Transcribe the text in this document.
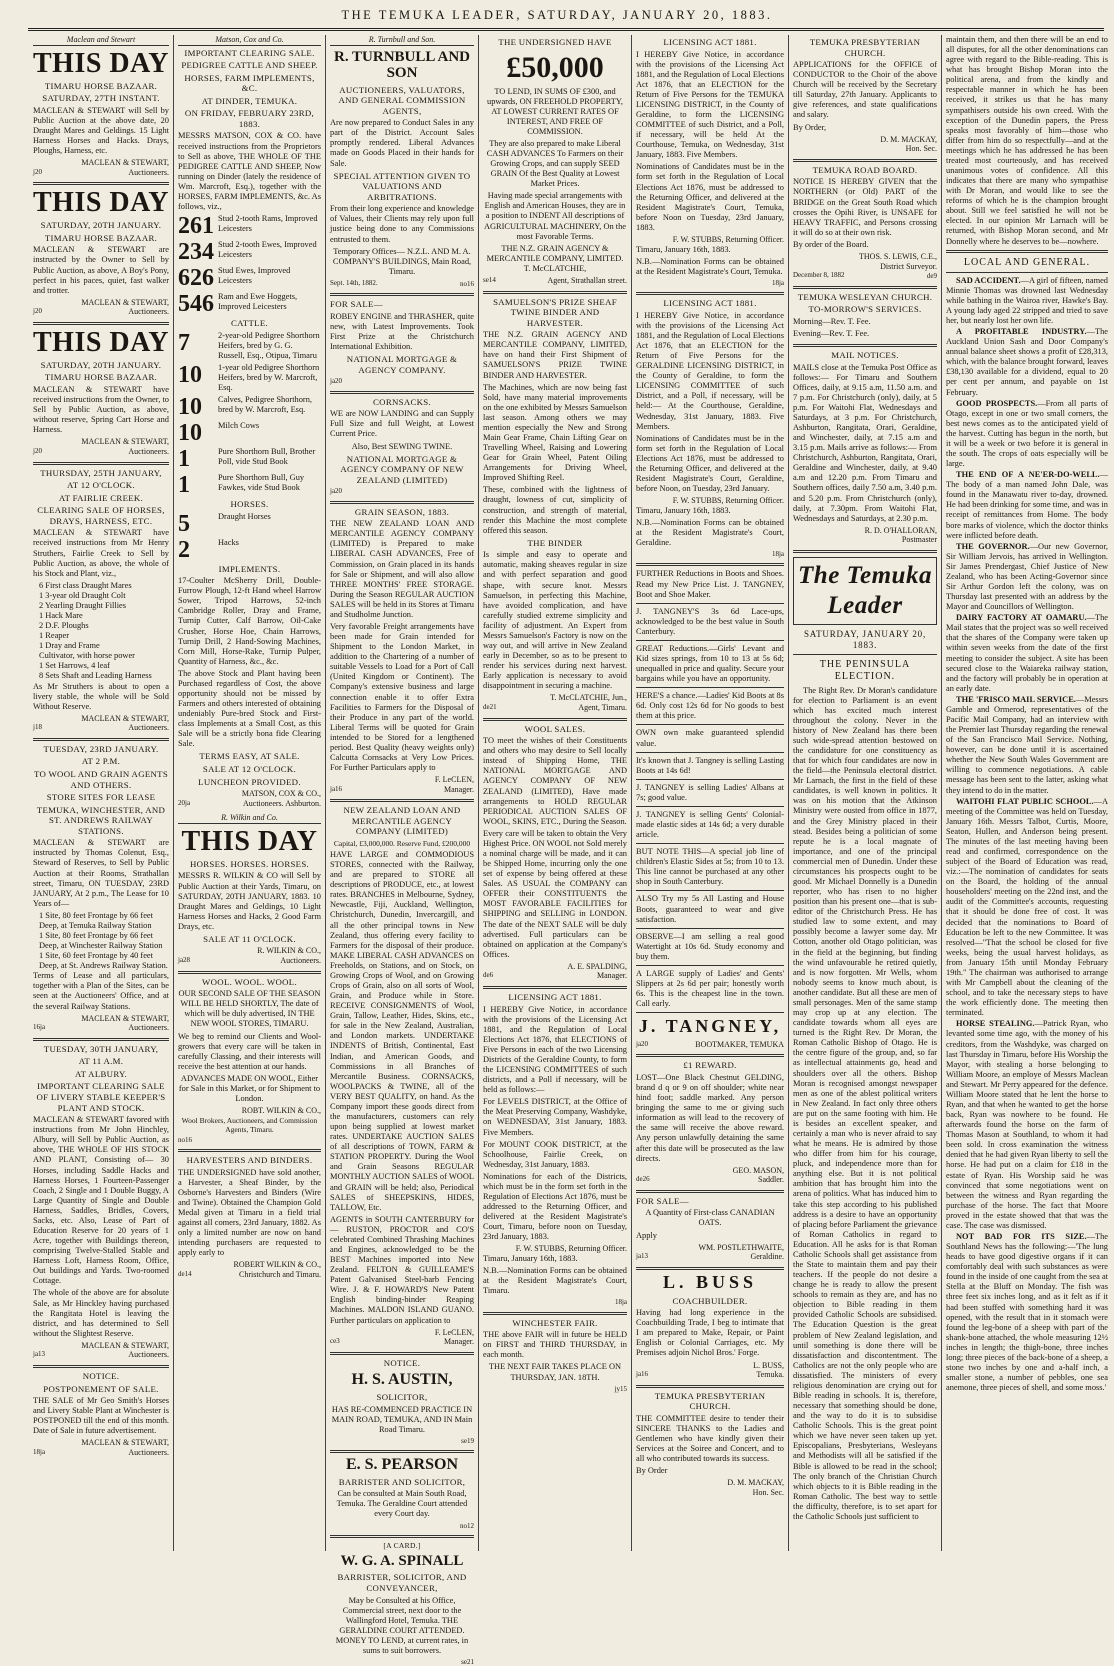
THE TEMUKA LEADER, SATURDAY, JANUARY 20, 1883.
Maclean and Stewart
THIS DAY
TIMARU HORSE BAZAAR.
SATURDAY, 27TH INSTANT.

MACLEAN & STEWART will Sell by Public Auction at the above date, 20 Draught Mares and Geldings. 15 Light Harness Horses and Hacks. Drays, Ploughs, Harness, etc.

MACLEAN & STEWART,
j20	Auctioneers.
THIS DAY
SATURDAY, 20TH JANUARY.
TIMARU HORSE BAZAAR.

MACLEAN & STEWART are instructed by the Owner to Sell by Public Auction, as above, A Boy's Pony, perfect in his paces, quiet, fast walker and trotter.

MACLEAN & STEWART,
j20	Auctioneers.
THIS DAY
SATURDAY, 20TH JANUARY.
TIMARU HORSE BAZAAR.

MACLEAN & STEWART have received instructions from the Owner, to Sell by Public Auction, as above, without reserve, Spring Cart Horse and Harness.

MACLEAN & STEWART,
j20	Auctioneers.
THURSDAY, 25TH JANUARY,
AT 12 O'CLOCK.
AT FAIRLIE CREEK.
CLEARING SALE OF HORSES, DRAYS, HARNESS, ETC.

MACLEAN & STEWART have received instructions from Mr Henry Struthers, Fairlie Creek to Sell by Public Auction, as above, the whole of his Stock and Plant, viz.,

6 First class Draught Mares
1 3-year old Draught Colt
2 Yearling Draught Fillies
1 Hack Mare
2 D.F. Ploughs
1 Reaper
1 Dray and Frame
Cultivator, with horse power
1 Set Harrows, 4 leaf
8 Sets Shaft and Leading Harness

As Mr Struthers is about to open a livery stable, the whole will be Sold Without Reserve.

MACLEAN & STEWART,
j18	Auctioneers.
TUESDAY, 23RD JANUARY.
AT 2 P.M.
TO WOOL AND GRAIN AGENTS AND OTHERS.
STORE SITES FOR LEASE
TEMUKA, WINCHESTER, AND ST. ANDREWS RAILWAY STATIONS.

MACLEAN & STEWART are instructed by Thomas Colenut, Esq., Steward of Reserves, to Sell by Public Auction at their Rooms, Strathallan street, Timaru, ON TUESDAY, 23RD JANUARY, At 2 p.m., The Lease for 10 Years of—

1 Site, 80 feet Frontage by 66 feet Deep, at Temuka Railway Station
1 Site, 80 feet Frontage by 66 feet Deep, at Winchester Railway Station
1 Site, 60 feet Frontage by 40 feet Deep, at St. Andrews Railway Station.

Terms of Lease and all particulars, together with a Plan of the Sites, can be seen at the Auctioneers' Office, and at the several Railway Stations.

MACLEAN & STEWART,
16ja	Auctioneers.
TUESDAY, 30TH JANUARY,
AT 11 A.M.
AT ALBURY.
IMPORTANT CLEARING SALE OF LIVERY STABLE KEEPER'S PLANT AND STOCK.

MACLEAN & STEWART favored with instructions from Mr John Hinchley, Albury, will Sell by Public Auction, as above, THE WHOLE OF HIS STOCK AND PLANT, Consisting of— 30 Horses, including Saddle Hacks and Harness Horses, 1 Fourteen-Passenger Coach, 2 Single and 1 Double Buggy, A Large Quantity of Single and Double Harness, Saddles, Bridles, Covers, Sacks, etc. Also, Lease of Part of Education Reserve for 20 years of 1 Acre, together with Buildings thereon, comprising Twelve-Stalled Stable and Harness Loft, Harness Room, Office, Out buildings and Yards. Two-roomed Cottage.

The whole of the above are for absolute Sale, as Mr Hinckley having purchased the Rangitata Hotel is leaving the district, and has determined to Sell without the Slightest Reserve.

MACLEAN & STEWART,
ja13	Auctioneers.
NOTICE.
POSTPONEMENT OF SALE.

THE SALE of Mr Geo Smith's Horses and Livery Stable Plant at Winchester is POSTPONED till the end of this month. Date of Sale in future advertisement.

MACLEAN & STEWART,
18ja	Auctioneers.
Matson, Cox and Co.
IMPORTANT CLEARING SALE.
PEDIGREE CATTLE AND SHEEP.
HORSES, FARM IMPLEMENTS, &C.
AT DINDER, TEMUKA.
ON FRIDAY, FEBRUARY 23RD, 1883.

MESSRS MATSON, COX & CO. have received instructions from the Proprietors to Sell as above, THE WHOLE OF THE PEDIGREE CATTLE AND SHEEP, Now running on Dinder (lately the residence of Wm. Marcroft, Esq.), together with the HORSES, FARM IMPLEMENTS, &c. As follows, viz.,

261 Stud 2-tooth Rams, Improved Leicesters
234 Stud 2-tooth Ewes, Improved Leicesters
626 Stud Ewes, Improved Leicesters
546 Ram and Ewe Hoggets, Improved Leicesters
CATTLE.
7	2-year-old Pedigree Shorthorn Heifers, bred by G. G. Russell, Esq., Otipua, Timaru
10	1-year old Pedigree Shorthorn Heifers, bred by W. Marcroft, Esq.
10	Calves, Pedigree Shorthorn, bred by W. Marcroft, Esq.
10	Milch Cows
1	Pure Shorthorn Bull, Brother Poll, vide Stud Book
1	Pure Shorthorn Bull, Guy Fawkes, vide Stud Book
HORSES.
5	Draught Horses
2	Hacks
IMPLEMENTS.

17-Coulter McSherry Drill, Double-Furrow Plough, 12-ft Hand wheel Harrow Sower, Tripod Harrows, 52-inch Cambridge Roller, Dray and Frame, Turnip Cutter, Calf Barrow, Oil-Cake Crusher, Horse Hoe, Chain Harrows, Turnip Drill, 2 Hand-Sowing Machines, Corn Mill, Horse-Rake, Turnip Pulper, Quantity of Harness, &c., &c.

The above Stock and Plant having been Purchased regardless of Cost, the above opportunity should not be missed by Farmers and others interested of obtaining undeniably Pure-bred Stock and First-class Implements at a Small Cost, as this Sale will be a strictly bona fide Clearing Sale.

TERMS EASY, AT SALE.
SALE AT 12 O'CLOCK.
LUNCHEON PROVIDED.
MATSON, COX & CO.,
20ja	Auctioneers. Ashburton.
R. Wilkin and Co.
THIS DAY
HORSES. HORSES. HORSES.

MESSRS R. WILKIN & CO will Sell by Public Auction at their Yards, Timaru, on SATURDAY, 20TH JANUARY, 1883. 10 Draught Mares and Geldings, 10 Light Harness Horses and Hacks, 2 Good Farm Drays, etc.

SALE AT 11 O'CLOCK.
R. WILKIN & CO.,
ja28	Auctioneers.
WOOL. WOOL. WOOL.

OUR SECOND SALE OF THE SEASON WILL BE HELD SHORTLY, The date of which will be duly advertised, IN THE NEW WOOL STORES, TIMARU.

We beg to remind our Clients and Wool-growers that every care will be taken in carefully Classing, and their interests will receive the best attention at our hands.

ADVANCES MADE ON WOOL, Either for Sale in this Market, or for Shipment to London.

ROBT. WILKIN & CO.,

Wool Brokers, Auctioneers, and Commission Agents, Timaru.

no16
HARVESTERS AND BINDERS.

THE UNDERSIGNED have sold another, a Harvester, a Sheaf Binder, by the Osborne's Harvesters and Binders (Wire and Twine). Obtained the Champion Gold Medal given at Timaru in a field trial against all comers, 23rd January, 1882. As only a limited number are now on hand intending purchasers are requested to apply early to

ROBERT WILKIN & CO.,
de14	Christchurch and Timaru.
R. Turnbull and Son.
R. TURNBULL AND SON
AUCTIONEERS, VALUATORS, AND GENERAL COMMISSION AGENTS,

Are now prepared to Conduct Sales in any part of the District. Account Sales promptly rendered. Liberal Advances made on Goods Placed in their hands for Sale.

SPECIAL ATTENTION GIVEN TO VALUATIONS AND ARBITRATIONS.

From their long experience and knowledge of Values, their Clients may rely upon full justice being done to any Commissions entrusted to them.

Temporary Offices— N.Z.L. AND M. A. COMPANY'S BUILDINGS, Main Road, Timaru.

Sept. 14th, 1882.	no16
FOR SALE—

ROBEY ENGINE and THRASHER, quite new, with Latest Improvements. Took First Prize at the Christchurch International Exhibition.

NATIONAL MORTGAGE & AGENCY COMPANY.
ja20
CORNSACKS.

WE are NOW LANDING and can Supply Full Size and full Weight, at Lowest Current Price.

Also, Best SEWING TWINE.

NATIONAL MORTGAGE & AGENCY COMPANY OF NEW ZEALAND (LIMITED)
ja20
GRAIN SEASON, 1883.

THE NEW ZEALAND LOAN AND MERCANTILE AGENCY COMPANY (LIMITED) is Prepared to make LIBERAL CASH ADVANCES, Free of Commission, on Grain placed in its hands for Sale or Shipment, and will also allow THREE MONTHS' FREE STORAGE. During the Season REGULAR AUCTION SALES will be held in its Stores at Timaru and Studholme Junction.

Very favorable Freight arrangements have been made for Grain intended for Shipment to the London Market, in addition to the Chartering of a number of suitable Vessels to Load for a Port of Call (United Kingdom or Continent). The Company's extensive business and large connection enable it to offer Extra Facilities to Farmers for the Disposal of their Produce in any part of the world. Liberal Terms will be quoted for Grain intended to be Stored for a lengthened period. Best Quality (heavy weights only) Calcutta Cornsacks at Very Low Prices. For Further Particulars apply to

F. LeCLEN,
ja16	Manager.
NEW ZEALAND LOAN AND MERCANTILE AGENCY COMPANY (LIMITED)

Capital, £3,000,000. Reserve Fund, £200,000

HAVE LARGE and COMMODIOUS STORES, connected with the Railway, and are prepared to STORE all descriptions of PRODUCE, etc., at lowest rates. BRANCHES in Melbourne, Sydney, Newcastle, Fiji, Auckland, Wellington, Christchurch, Dunedin, Invercargill, and all the other principal towns in New Zealand, thus offering every facility to Farmers for the disposal of their produce. MAKE LIBERAL CASH ADVANCES on Freeholds, on Stations, and on Stock, on Growing Crops of Wool, and on Growing Crops of Grain, also on all sorts of Wool, Grain, and Produce while in Store. RECEIVE CONSIGNMENTS of Wool, Grain, Tallow, Leather, Hides, Skins, etc., for sale in the New Zealand, Australian, and London markets. UNDERTAKE INDENTS of British, Continental, East Indian, and American Goods, and Commissions in all Branches of Mercantile Business. CORNSACKS, WOOLPACKS & TWINE, all of the VERY BEST QUALITY, on hand. As the Company import these goods direct from the manufacturers, customers can rely upon being supplied at lowest market rates. UNDERTAKE AUCTION SALES of all descriptions of TOWN, FARM & STATION PROPERTY. During the Wool and Grain Seasons REGULAR MONTHLY AUCTION SALES of WOOL and GRAIN will be held; also, Periodical SALES of SHEEPSKINS, HIDES, TALLOW, Etc.

AGENTS in SOUTH CANTERBURY for— RUSTON, PROCTOR and CO'S celebrated Combined Thrashing Machines and Engines, acknowledged to be the BEST Machines imported into New Zealand. FELTON & GUILLEAME'S Patent Galvanised Steel-barb Fencing Wire. J. & F. HOWARD'S New Patent English binding-binder Reaping Machines. MALDON ISLAND GUANO. Further particulars on application to

F. LeCLEN,
ce3	Manager.
NOTICE.
H. S. AUSTIN,
SOLICITOR,

HAS RE-COMMENCED PRACTICE IN MAIN ROAD, TEMUKA, AND IN Main Road Timaru.

se19
E. S. PEARSON
BARRISTER AND SOLICITOR,

Can be consulted at Main South Road, Temuka. The Geraldine Court attended every Court day.

no12
[A CARD.]
W. G. A. SPINALL
BARRISTER, SOLICITOR, AND CONVEYANCER,

May be Consulted at his Office, Commercial street, next door to the Wallingford Hotel, Temuka. THE GERALDINE COURT ATTENDED. MONEY TO LEND, at current rates, in sums to suit borrowers.

se21
THE UNDERSIGNED HAVE
£50,000

TO LEND, IN SUMS OF £300, and upwards, ON FREEHOLD PROPERTY, AT LOWEST CURRENT RATES OF INTEREST, AND FREE OF COMMISSION.

They are also prepared to make Liberal CASH ADVANCES To Farmers on their Growing Crops, and can supply SEED GRAIN Of the Best Quality at Lowest Market Prices.

Having made special arrangements with English and American Houses, they are in a position to INDENT All descriptions of AGRICULTURAL MACHINERY, On the most Favorable Terms.

THE N.Z. GRAIN AGENCY & MERCANTILE COMPANY, LIMITED. T. McCLATCHIE,

se14	Agent, Strathallan street.
SAMUELSON'S PRIZE SHEAF TWINE BINDER AND HARVESTER.

THE N.Z. GRAIN AGENCY AND MERCANTILE COMPANY, LIMITED, have on hand their First Shipment of SAMUELSON'S PRIZE TWINE BINDER AND HARVESTER.

The Machines, which are now being fast Sold, have many material improvements on the one exhibited by Messrs Samuelson last season. Among others we may mention especially the New and Strong Main Gear Frame, Chain Lifting Gear on Travelling Wheel, Raising and Lowering Gear for Grain Wheel, Patent Oiling Arrangements for Driving Wheel, Improved Shifting Reel.

These, combined with the lightness of draught, lowness of cut, simplicity of construction, and strength of material, render this Machine the most complete offered this season.

THE BINDER

Is simple and easy to operate and automatic, making sheaves regular in size and with perfect separation and good shape, with secure knot. Messrs Samuelson, in perfecting this Machine, have avoided complication, and have carefully studied extreme simplicity and facility of adjustment. An Expert from Messrs Samuelson's Factory is now on the way out, and will arrive in New Zealand early in December, so as to be present to render his services during next harvest. Early application is necessary to avoid disappointment in securing a machine.

T. McCLATCHIE, Jun.,
de21	Agent, Timaru.
WOOL SALES.

TO meet the wishes of their Constituents and others who may desire to Sell locally instead of Shipping Home, THE NATIONAL MORTGAGE AND AGENCY COMPANY OF NEW ZEALAND (LIMITED), Have made arrangements to HOLD REGULAR PERIODICAL AUCTION SALES OF WOOL, SKINS, ETC., During the Season.

Every care will be taken to obtain the Very Highest Price. ON WOOL not Sold merely a nominal charge will be made, and it can be Shipped Home, incurring only the one set of expense by being offered at these Sales. AS USUAL the COMPANY can OFFER their CONSTITUENTS the MOST FAVORABLE FACILITIES for SHIPPING and SELLING in LONDON. The date of the NEXT SALE will be duly advertised. Full particulars can be obtained on application at the Company's Offices.

A. E. SPALDING,
de6	Manager.
LICENSING ACT 1881.

I HEREBY Give Notice, in accordance with the provisions of the Licensing Act 1881, and the Regulation of Local Elections Act 1876, that ELECTIONS of Five Persons in each of the two Licensing Districts of the Geraldine County, to form the LICENSING COMMITTEES of such districts, and a Poll if necessary, will be held as follows:—

For LEVELS DISTRICT, at the Office of the Meat Preserving Company, Washdyke, on WEDNESDAY, 31st January, 1883. Five Members.

For MOUNT COOK DISTRICT, at the Schoolhouse, Fairlie Creek, on Wednesday, 31st January, 1883.

Nominations for each of the Districts, which must be in the form set forth in the Regulation of Elections Act 1876, must be addressed to the Returning Officer, and delivered at the Resident Magistrate's Court, Timaru, before noon on Tuesday, 23rd January, 1883.

F. W. STUBBS, Returning Officer.

Timaru, January 16th, 1883.

N.B.—Nomination Forms can be obtained at the Resident Magistrate's Court, Timaru.

18ja
WINCHESTER FAIR.

THE above FAIR will in future be HELD on FIRST and THIRD THURSDAY, in each month.

THE NEXT FAIR TAKES PLACE ON THURSDAY, JAN. 18TH.

jy15
LICENSING ACT 1881.

I HEREBY Give Notice, in accordance with the provisions of the Licensing Act 1881, and the Regulation of Local Elections Act 1876, that an ELECTION for the Return of Five Persons for the TEMUKA LICENSING DISTRICT, in the County of Geraldine, to form the LICENSING COMMITTEE of such District, and a Poll, if necessary, will be held At the Courthouse, Temuka, on Wednesday, 31st January, 1883. Five Members.

Nominations of Candidates must be in the form set forth in the Regulation of Local Elections Act 1876, must be addressed to the Returning Officer, and delivered at the Resident Magistrate's Court, Temuka, before Noon on Tuesday, 23rd January, 1883.

F. W. STUBBS, Returning Officer.

Timaru, January 16th, 1883.

N.B.—Nomination Forms can be obtained at the Resident Magistrate's Court, Temuka.

18ja
LICENSING ACT 1881.

I HEREBY Give Notice, in accordance with the provisions of the Licensing Act 1881, and the Regulation of Local Elections Act 1876, that an ELECTION for the Return of Five Persons for the GERALDINE LICENSING DISTRICT, in the County of Geraldine, to form the LICENSING COMMITTEE of such District, and a Poll, if necessary, will be held:— At the Courthouse, Geraldine, Wednesday, 31st January, 1883. Five Members.

Nominations of Candidates must be in the form set forth in the Regulation of Local Elections Act 1876, must be addressed to the Returning Officer, and delivered at the Resident Magistrate's Court, Geraldine, before Noon, on Tuesday, 23rd January.

F. W. STUBBS, Returning Officer.

Timaru, January 16th, 1883.

N.B.—Nomination Forms can be obtained at the Resident Magistrate's Court, Geraldine.

18ja

FURTHER Reductions in Boots and Shoes. Read my New Price List. J. TANGNEY, Boot and Shoe Maker.

J. TANGNEY'S 3s 6d Lace-ups, acknowledged to be the best value in South Canterbury.

GREAT Reductions.—Girls' Levant and Kid sizes springs, from 10 to 13 at 5s 6d; unequalled in price and quality. Secure your bargains while you have an opportunity.

HERE'S a chance.—Ladies' Kid Boots at 8s 6d. Only cost 12s 6d for No goods to best them at this price.

OWN own make guaranteed splendid value.

It's known that J. Tangney is selling Lasting Boots at 14s 6d!

J. TANGNEY is selling Ladies' Albans at 7s; good value.

J. TANGNEY is selling Gents' Colonial-made elastic sides at 14s 6d; a very durable article.

BUT NOTE THIS—A special job line of children's Elastic Sides at 5s; from 10 to 13. This line cannot be purchased at any other shop in South Canterbury.

ALSO Try my 5s All Lasting and House Boots, guaranteed to wear and give satisfaction.

OBSERVE—I am selling a real good Watertight at 10s 6d. Study economy and buy them.

A LARGE supply of Ladies' and Gents' Slippers at 2s 6d per pair; honestly worth 6s. This is the cheapest line in the town. Call early.

J. TANGNEY,
ja20	BOOTMAKER, TEMUKA
£1 REWARD.

LOST—One Black Chestnut GELDING, brand d q or 9 on off shoulder; white near hind foot; saddle marked. Any person bringing the same to me or giving such information as will lead to the recovery of the same will receive the above reward. Any person unlawfully detaining the same after this date will be prosecuted as the law directs.

GEO. MASON,
de26	Saddler.
FOR SALE—

A Quantity of First-class CANADIAN OATS.

Apply

WM. POSTLETHWAITE,
ja13	Geraldine.
L. BUSS
COACHBUILDER.

Having had long experience in the Coachbuilding Trade, I beg to intimate that I am prepared to Make, Repair, or Paint English or Colonial Carriages, etc. My Premises adjoin Nichol Bros.' Forge.

L. BUSS,
ja16	Temuka.
TEMUKA PRESBYTERIAN CHURCH.

THE COMMITTEE desire to tender their SINCERE THANKS to the Ladies and Gentlemen who have kindly given their Services at the Soiree and Concert, and to all who contributed towards its success.

By Order

D. M. MACKAY,
Hon. Sec.
TEMUKA PRESBYTERIAN CHURCH.

APPLICATIONS for the OFFICE of CONDUCTOR to the Choir of the above Church will be received by the Secretary till Saturday, 27th January. Applicants to give references, and state qualifications and salary.

By Order,

D. M. MACKAY,
Hon. Sec.
TEMUKA ROAD BOARD.

NOTICE IS HEREBY GIVEN that the NORTHERN (or Old) PART of the BRIDGE on the Great South Road which crosses the Opihi River, is UNSAFE for HEAVY TRAFFIC, and Persons crossing it will do so at their own risk.

By order of the Board.

THOS. S. LEWIS, C.E.,
District Surveyor.
December 8, 1882	de9
TEMUKA WESLEYAN CHURCH.
TO-MORROW'S SERVICES.

Morning—Rev. T. Fee.

Evening—Rev. T. Fee.

MAIL NOTICES.

MAILS close at the Temuka Post Office as follows:— For Timaru and Southern Offices, daily, at 9.15 a.m, 11.50 a.m. and 7 p.m. For Christchurch (only), daily, at 5 p.m. For Waitohi Flat, Wednesdays and Saturdays, at 3 p.m. For Christchurch, Ashburton, Rangitata, Orari, Geraldine, and Winchester, daily, at 7.15 a.m and 3.15 p.m. Mails arrive as follows:— From Christchurch, Ashburton, Rangitata, Orari, Geraldine and Winchester, daily, at 9.40 a.m and 12.20 p.m. From Timaru and Southern offices, daily 7.50 a.m, 3.40 p.m. and 5.20 p.m. From Christchurch (only), daily, at 7.30pm. From Waitohi Flat, Wednesdays and Saturdays, at 2.30 p.m.

R. D. O'HALLORAN,
Postmaster
The Temuka Leader
SATURDAY, JANUARY 20, 1883.
THE PENINSULA ELECTION.

The Right Rev. Dr Moran's candidature for election to Parliament is an event which has excited much interest throughout the colony. Never in the history of New Zealand has there been such wide-spread attention bestowed on the candidature for one constituency as that for which four candidates are now in the field—the Peninsula electoral district. Mr Larnach, the first in the field of these candidates, is well known in politics. It was on his motion that the Atkinson Ministry were ousted from office in 1877, and the Grey Ministry placed in their stead. Besides being a politician of some repute he is a local magnate of importance, and one of the principal commercial men of Dunedin. Under these circumstances his prospects ought to be good. Mr Michael Donnelly is a Dunedin reporter, who has risen to no higher position than his present one—that is sub-editor of the Christchurch Press. He has studied law to some extent, and may possibly become a lawyer some day. Mr Cotton, another old Otago politician, was in the field at the beginning, but finding the wind unfavourable he retired quietly, and is now forgotten. Mr Wells, whom nobody seems to know much about, is another candidate. But all these are men of small personages. Men of the same stamp may crop up at any election. The candidate towards whom all eyes are turned is the Right Rev. Dr Moran, the Roman Catholic Bishop of Otago. He is the centre figure of the group, and, so far as intellectual attainments go, head and shoulders over all the others. Bishop Moran is recognised amongst newspaper men as one of the ablest political writers in New Zealand. In fact only three others are put on the same footing with him. He is besides an excellent speaker, and certainly a man who is never afraid to say what he means. He is admired by those who differ from him for his courage, pluck, and independence more than for anything else. But it is not political ambition that has brought him into the arena of politics. What has induced him to take this step according to his published address is a desire to have an opportunity of placing before Parliament the grievance of Roman Catholics in regard to Education. All he asks for is that Roman Catholic Schools shall get assistance from the State to maintain them and pay their teachers. If the people do not desire a change he is ready to allow the present schools to remain as they are, and has no objection to Bible reading in them provided Catholic Schools are subsidised. The Education Question is the great problem of New Zealand legislation, and until something is done there will be dissatisfaction and discontentment. The Catholics are not the only people who are dissatisfied. The ministers of every religious denomination are crying out for Bible reading in schools. It is, therefore, necessary that something should be done, and the way to do it is to subsidise Catholic Schools. This is the great point which we have never seen taken up yet. Episcopalians, Presbyterians, Wesleyans and Methodists will all be satisfied if the Bible is allowed to be read in the school; The only branch of the Christian Church which objects to it is Bible reading in the Roman Catholic. The best way to settle the difficulty, therefore, is to set apart for the Catholic Schools just sufficient to

maintain them, and then there will be an end to all disputes, for all the other denominations can agree with regard to the Bible-reading. This is what has brought Bishop Moran into the political arena, and from the kindly and respectable manner in which he has been received, it strikes us that he has many sympathisers outside his own creed. With the exception of the Dunedin papers, the Press speaks most favorably of him—those who differ from him do so respectfully—and at the meetings which he has addressed he has been treated most courteously, and has received unanimous votes of confidence. All this indicates that there are many who sympathise with Dr Moran, and would like to see the reforms of which he is the champion brought about. Still we feel satisfied he will not be elected. In our opinion Mr Larnach will be returned, with Bishop Moran second, and Mr Donnelly where he deserves to be—nowhere.

LOCAL AND GENERAL.

SAD ACCIDENT.—A girl of fifteen, named Minnie Thomas was drowned last Wednesday while bathing in the Wairoa river, Hawke's Bay. A young lady aged 22 stripped and tried to save her, but nearly lost her own life.

A PROFITABLE INDUSTRY.—The Auckland Union Sash and Door Company's annual balance sheet shows a profit of £28,313, which, with the balance brought forward, leaves £38,130 available for a dividend, equal to 20 per cent per annum, and payable on 1st February.

GOOD PROSPECTS.—From all parts of Otago, except in one or two small corners, the best news comes as to the anticipated yield of the harvest. Cutting has begun in the north, but it will be a week or two before it is general in the south. The crops of oats especially will be large.

THE END OF A NE'ER-DO-WELL.—The body of a man named John Dale, was found in the Manawatu river to-day, drowned. He had been drinking for some time, and was in receipt of remittances from Home. The body bore marks of violence, which the doctor thinks were inflicted before death.

THE GOVERNOR.—Our new Governor, Sir William Jervois, has arrived in Wellington. Sir James Prendergast, Chief Justice of New Zealand, who has been Acting-Governor since Sir Arthur Gordon left the colony, was on Thursday last presented with an address by the Mayor and Councillors of Wellington.

DAIRY FACTORY AT OAMARU.—The Mail states that the project was so well received that the shares of the Company were taken up within seven weeks from the date of the first meeting to consider the subject. A site has been secured close to the Waiareka railway station, and the factory will probably be in operation at an early date.

THE 'FRISCO MAIL SERVICE.—Messrs Gamble and Ormerod, representatives of the Pacific Mail Company, had an interview with the Premier last Thursday regarding the renewal of the San Francisco Mail Service. Nothing, however, can be done until it is ascertained whether the New South Wales Government are willing to commence negotiations. A cable message has been sent to the latter, asking what they intend to do in the matter.

WAITOHI FLAT PUBLIC SCHOOL.—A meeting of the Committee was held on Tuesday, January 16th. Messrs Talbot, Curtis, Moore, Seaton, Hullen, and Anderson being present. The minutes of the last meeting having been read and confirmed, correspondence on the subject of the Board of Education was read, viz.:—The nomination of candidates for seats on the Board, the holding of the annual householders' meeting on the 22nd inst, and the audit of the Committee's accounts, requesting that it should be done free of cost. It was decided that the nominations to Board of Education be left to the new Committee. It was resolved—"That the school be closed for five weeks, being the usual harvest holidays, as from January 15th until Monday February 19th." The chairman was authorised to arrange with Mr Campbell about the cleaning of the school, and to take the necessary steps to have the work efficiently done. The meeting then terminated.

HORSE STEALING.—Patrick Ryan, who levanted some time ago, with the money of his creditors, from the Washdyke, was charged on last Thursday in Timaru, before His Worship the Mayor, with stealing a horse belonging to William Moore, an employe of Messrs Maclean and Stewart. Mr Perry appeared for the defence. William Moore stated that he lent the horse to Ryan, and that when he wanted to get the horse back, Ryan was nowhere to be found. He afterwards found the horse on the farm of Thomas Mason at Southland, to whom it had been sold. In cross examination the witness denied that he had given Ryan liberty to sell the horse. He had put on a claim for £18 in the estate of Ryan. His Worship said he was convinced that some negotiations went on between the witness and Ryan regarding the purchase of the horse. The fact that Moore proved in the estate showed that that was the case. The case was dismissed.

NOT BAD FOR ITS SIZE.—The Southland News has the following:—'The lung heads to have good digestive organs if it can comfortably deal with such substances as were found in the inside of one caught from the sea at Stella at the Bluff on Monday. The fish was three feet six inches long, and as it felt as if it had been stuffed with something hard it was opened, with the result that in it stomach were found the leg-bone of a sheep with part of the shank-bone attached, the whole measuring 12½ inches in length; the thigh-bone, three inches long; three pieces of the back-bone of a sheep, a stone two inches by one and a-half inch, a smaller stone, a number of pebbles, one sea anemone, three pieces of shell, and some moss.'
